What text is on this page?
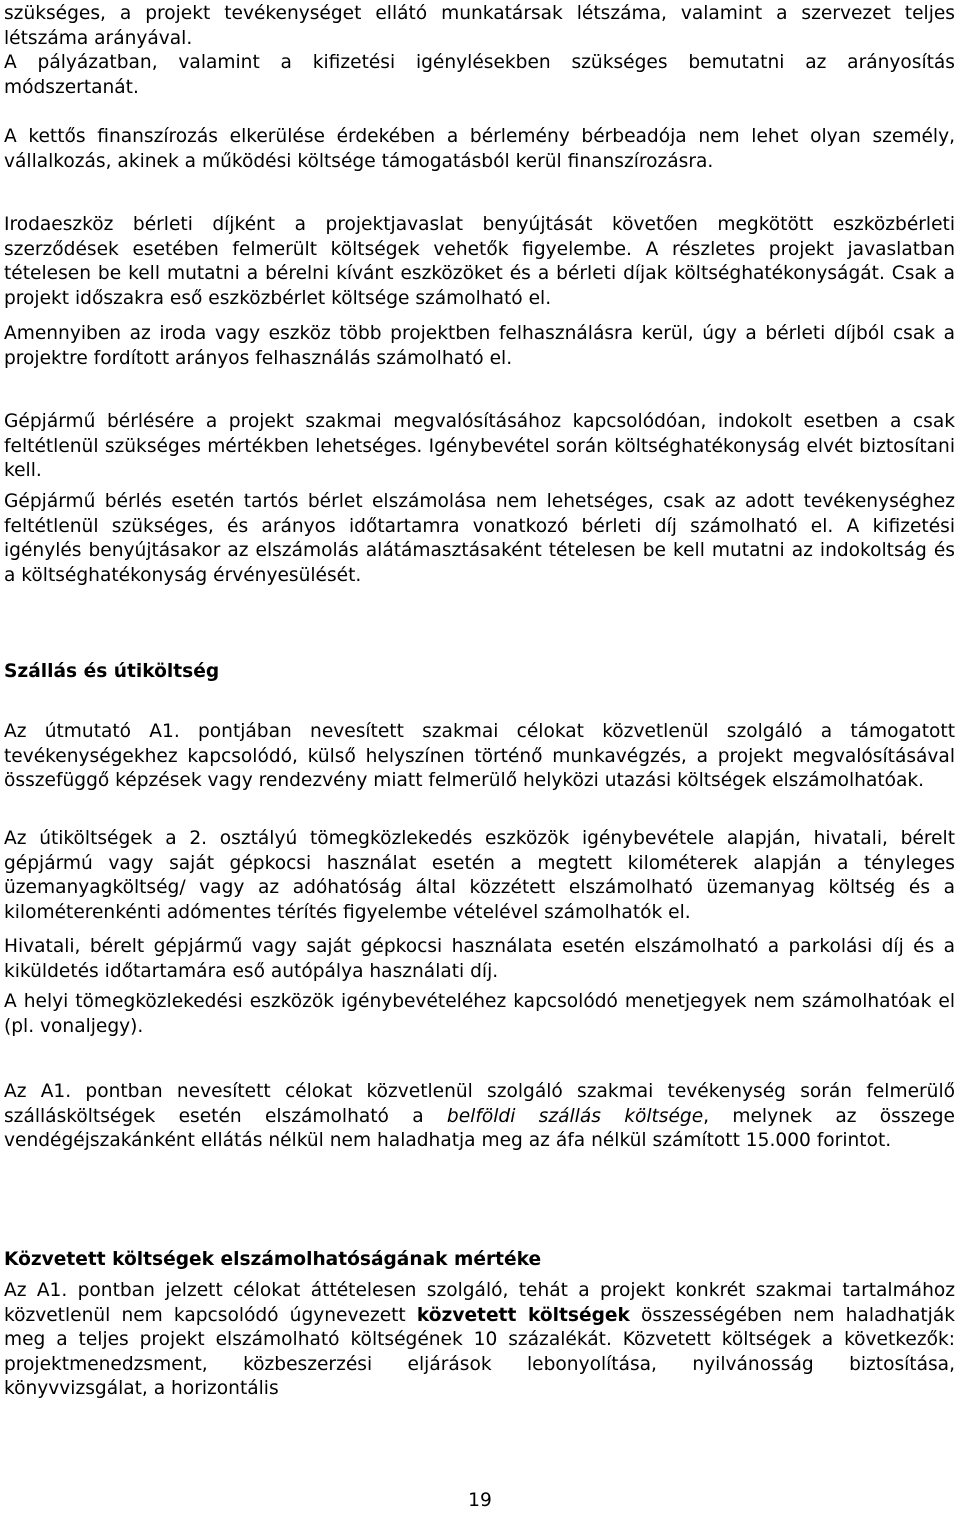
szükséges, a projekt tevékenységet ellátó munkatársak létszáma, valamint a szervezet teljes létszáma arányával.

A pályázatban, valamint a kifizetési igénylésekben szükséges bemutatni az arányosítás módszertanát.

A kettős finanszírozás elkerülése érdekében a bérlemény bérbeadója nem lehet olyan személy, vállalkozás, akinek a működési költsége támogatásból kerül finanszírozásra.

Irodaeszköz bérleti díjként a projektjavaslat benyújtását követően megkötött eszközbérleti szerződések esetében felmerült költségek vehetők figyelembe. A részletes projekt javaslatban tételesen be kell mutatni a bérelni kívánt eszközöket és a bérleti díjak költséghatékonyságát. Csak a projekt időszakra eső eszközbérlet költsége számolható el.

Amennyiben az iroda vagy eszköz több projektben felhasználásra kerül, úgy a bérleti díjból csak a projektre fordított arányos felhasználás számolható el.

Gépjármű bérlésére a projekt szakmai megvalósításához kapcsolódóan, indokolt esetben a csak feltétlenül szükséges mértékben lehetséges. Igénybevétel során költséghatékonyság elvét biztosítani kell.

Gépjármű bérlés esetén tartós bérlet elszámolása nem lehetséges, csak az adott tevékenységhez feltétlenül szükséges, és arányos időtartamra vonatkozó bérleti díj számolható el. A kifizetési igénylés benyújtásakor az elszámolás alátámasztásaként tételesen be kell mutatni az indokoltság és a költséghatékonyság érvényesülését.

Szállás és útiköltség

Az útmutató A1. pontjában nevesített szakmai célokat közvetlenül szolgáló a támogatott tevékenységekhez kapcsolódó, külső helyszínen történő munkavégzés, a projekt megvalósításával összefüggő képzések vagy rendezvény miatt felmerülő helyközi utazási költségek elszámolhatóak.

Az útiköltségek a 2. osztályú tömegközlekedés eszközök igénybevétele alapján, hivatali, bérelt gépjármú vagy saját gépkocsi használat esetén a megtett kilométerek alapján a tényleges üzemanyagköltség/ vagy az adóhatóság által közzétett elszámolható üzemanyag költség és a kilométerenkénti adómentes térítés figyelembe vételével számolhatók el.

Hivatali, bérelt gépjármű vagy saját gépkocsi használata esetén elszámolható a parkolási díj és a kiküldetés időtartamára eső autópálya használati díj.

A helyi tömegközlekedési eszközök igénybevételéhez kapcsolódó menetjegyek nem számolhatóak el (pl. vonaljegy).

Az A1. pontban nevesített célokat közvetlenül szolgáló szakmai tevékenység során felmerülő szállásköltségek esetén elszámolható a belföldi szállás költsége, melynek az összege vendégéjszakánként ellátás nélkül nem haladhatja meg az áfa nélkül számított 15.000 forintot.

Közvetett költségek elszámolhatóságának mértéke

Az A1. pontban jelzett célokat áttételesen szolgáló, tehát a projekt konkrét szakmai tartalmához közvetlenül nem kapcsolódó úgynevezett közvetett költségek összességében nem haladhatják meg a teljes projekt elszámolható költségének 10 százalékát. Közvetett költségek a következők: projektmenedzsment, közbeszerzési eljárások lebonyolítása, nyilvánosság biztosítása, könyvvizsgálat, a horizontális

19
